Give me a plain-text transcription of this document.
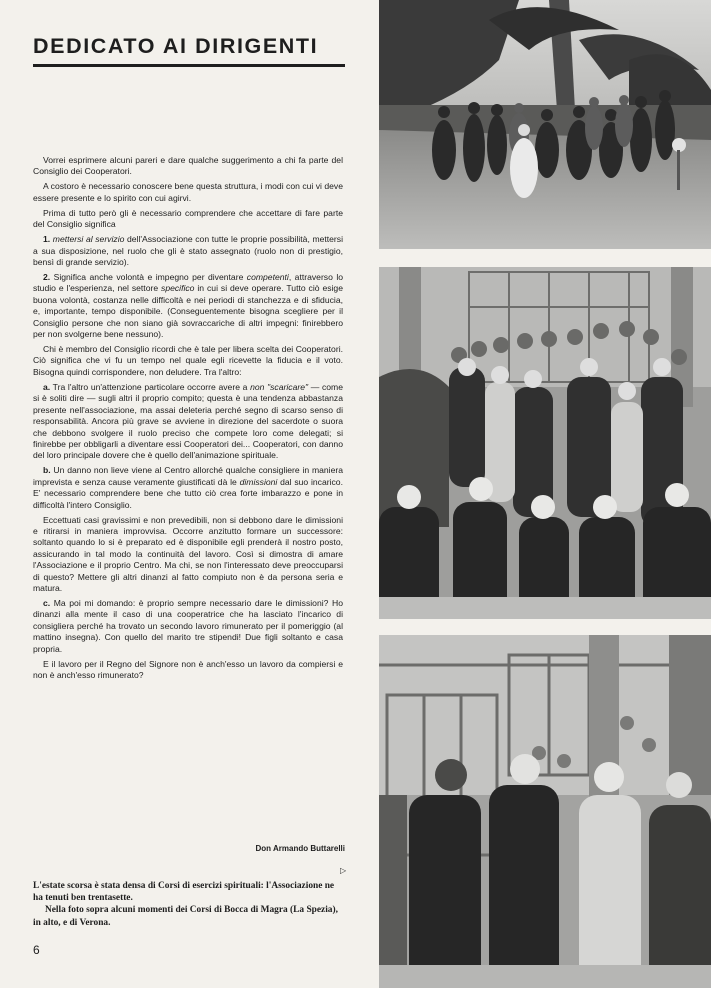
DEDICATO AI DIRIGENTI

Vorrei esprimere alcuni pareri e dare qualche suggerimento a chi fa parte del Consiglio dei Cooperatori.

A costoro è necessario conoscere bene questa struttura, i modi con cui vi deve essere presente e lo spirito con cui agirvi.

Prima di tutto però gli è necessario comprendere che accettare di fare parte del Consiglio significa

1. mettersi al servizio dell'Associazione con tutte le proprie possibilità, mettersi a sua disposizione, nel ruolo che gli è stato assegnato (ruolo non di prestigio, bensì di grande servizio).

2. Significa anche volontà e impegno per diventare competenti, attraverso lo studio e l'esperienza, nel settore specifico in cui si deve operare. Tutto ciò esige buona volontà, costanza nelle difficoltà e nei periodi di stanchezza e di sfiducia, e, importante, tempo disponibile. (Conseguentemente bisogna scegliere per il Consiglio persone che non siano già sovraccariche di altri impegni: finirebbero per non svolgerne bene nessuno).

Chi è membro del Consiglio ricordi che è tale per libera scelta dei Cooperatori. Ciò significa che vi fu un tempo nel quale egli ricevette la fiducia e il voto. Bisogna quindi corrispondere, non deludere. Tra l'altro:

a. Tra l'altro un'attenzione particolare occorre avere a non "scaricare" — come si è soliti dire — sugli altri il proprio compito; questa è una tendenza abbastanza presente nell'associazione, ma assai deleteria perché segno di scarso senso di responsabilità. Ancora più grave se avviene in direzione del sacerdote o suora che debbono svolgere il ruolo preciso che compete loro come delegati; si finirebbe per obbligarli a diventare essi Cooperatori dei... Cooperatori, con danno del loro principale dovere che è quello dell'animazione spirituale.

b. Un danno non lieve viene al Centro allorché qualche consigliere in maniera imprevista e senza cause veramente giustificati dà le dimissioni dal suo incarico. E' necessario comprendere bene che tutto ciò crea forte imbarazzo e pone in difficoltà l'intero Consiglio.

Eccettuati casi gravissimi e non prevedibili, non si debbono dare le dimissioni e ritirarsi in maniera improvvisa. Occorre anzitutto formare un successore: soltanto quando lo si è preparato ed è disponibile egli prenderà il nostro posto, assicurando in tal modo la continuità del lavoro. Così si dimostra di amare l'Associazione e il proprio Centro. Ma chi, se non l'interessato deve preoccuparsi di questo? Mettere gli altri dinanzi al fatto compiuto non è da persona seria e matura.

c. Ma poi mi domando: è proprio sempre necessario dare le dimissioni? Ho dinanzi alla mente il caso di una cooperatrice che ha lasciato l'incarico di consigliera perché ha trovato un secondo lavoro rimunerato per il pomeriggio (al mattino insegna). Con quello del marito tre stipendi! Due figli soltanto e casa propria.

E il lavoro per il Regno del Signore non è anch'esso un lavoro da compiersi e non è anch'esso rimunerato?

Don Armando Buttarelli
▷

L'estate scorsa è stata densa di Corsi di esercizi spirituali: l'Associazione ne ha tenuti ben trentasette.

Nella foto sopra alcuni momenti dei Corsi di Bocca di Magra (La Spezia), in alto, e di Verona.

6
